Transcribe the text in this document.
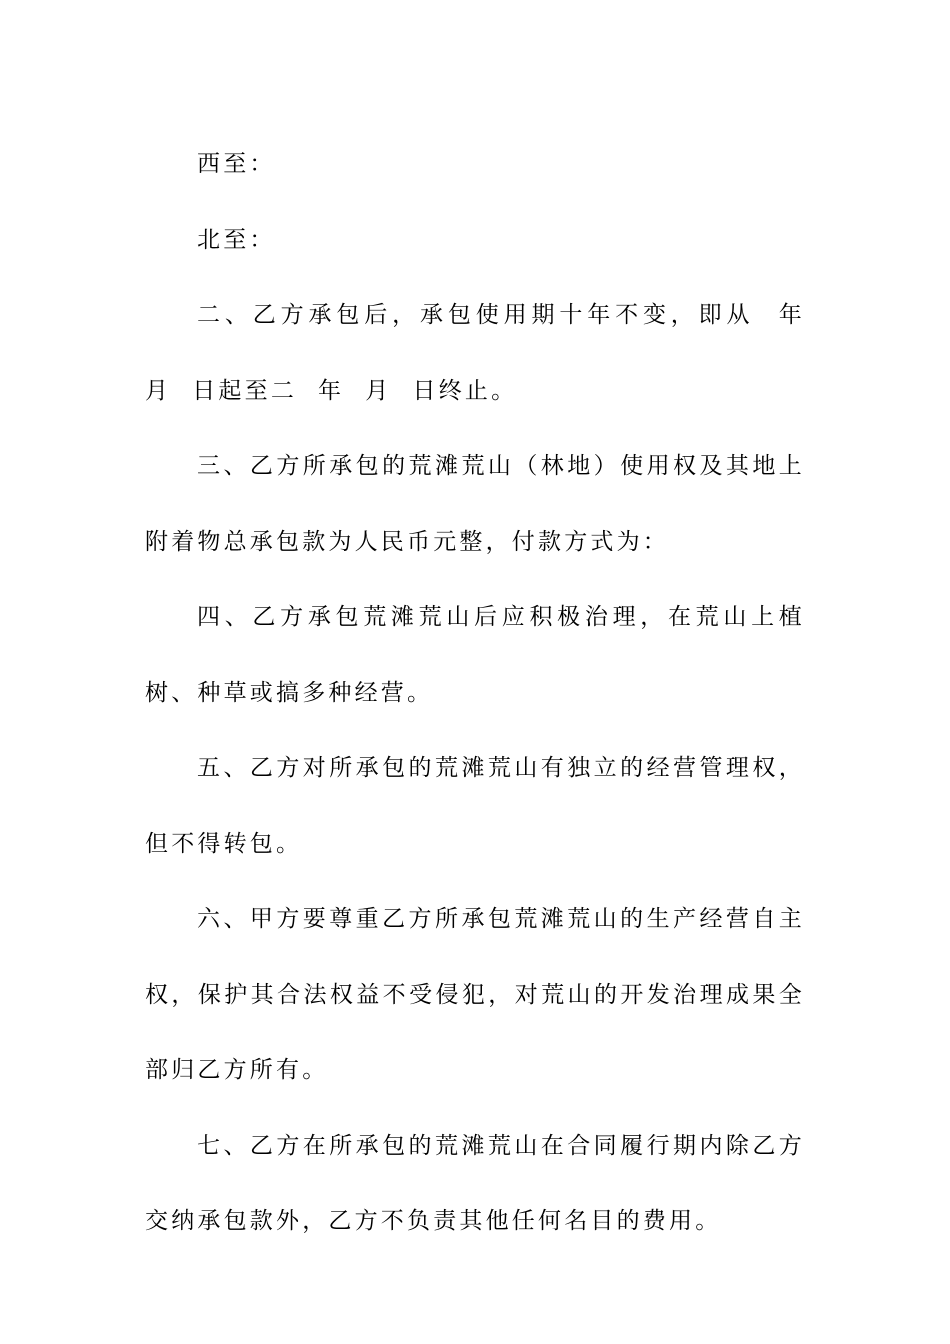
西至：

北至：

二、乙方承包后，承包使用期十年不变，即从  年  月  日起至二  年  月  日终止。

三、乙方所承包的荒滩荒山（林地）使用权及其地上附着物总承包款为人民币元整，付款方式为：

四、乙方承包荒滩荒山后应积极治理，在荒山上植树、种草或搞多种经营。

五、乙方对所承包的荒滩荒山有独立的经营管理权，但不得转包。

六、甲方要尊重乙方所承包荒滩荒山的生产经营自主权，保护其合法权益不受侵犯，对荒山的开发治理成果全部归乙方所有。

七、乙方在所承包的荒滩荒山在合同履行期内除乙方交纳承包款外，乙方不负责其他任何名目的费用。
